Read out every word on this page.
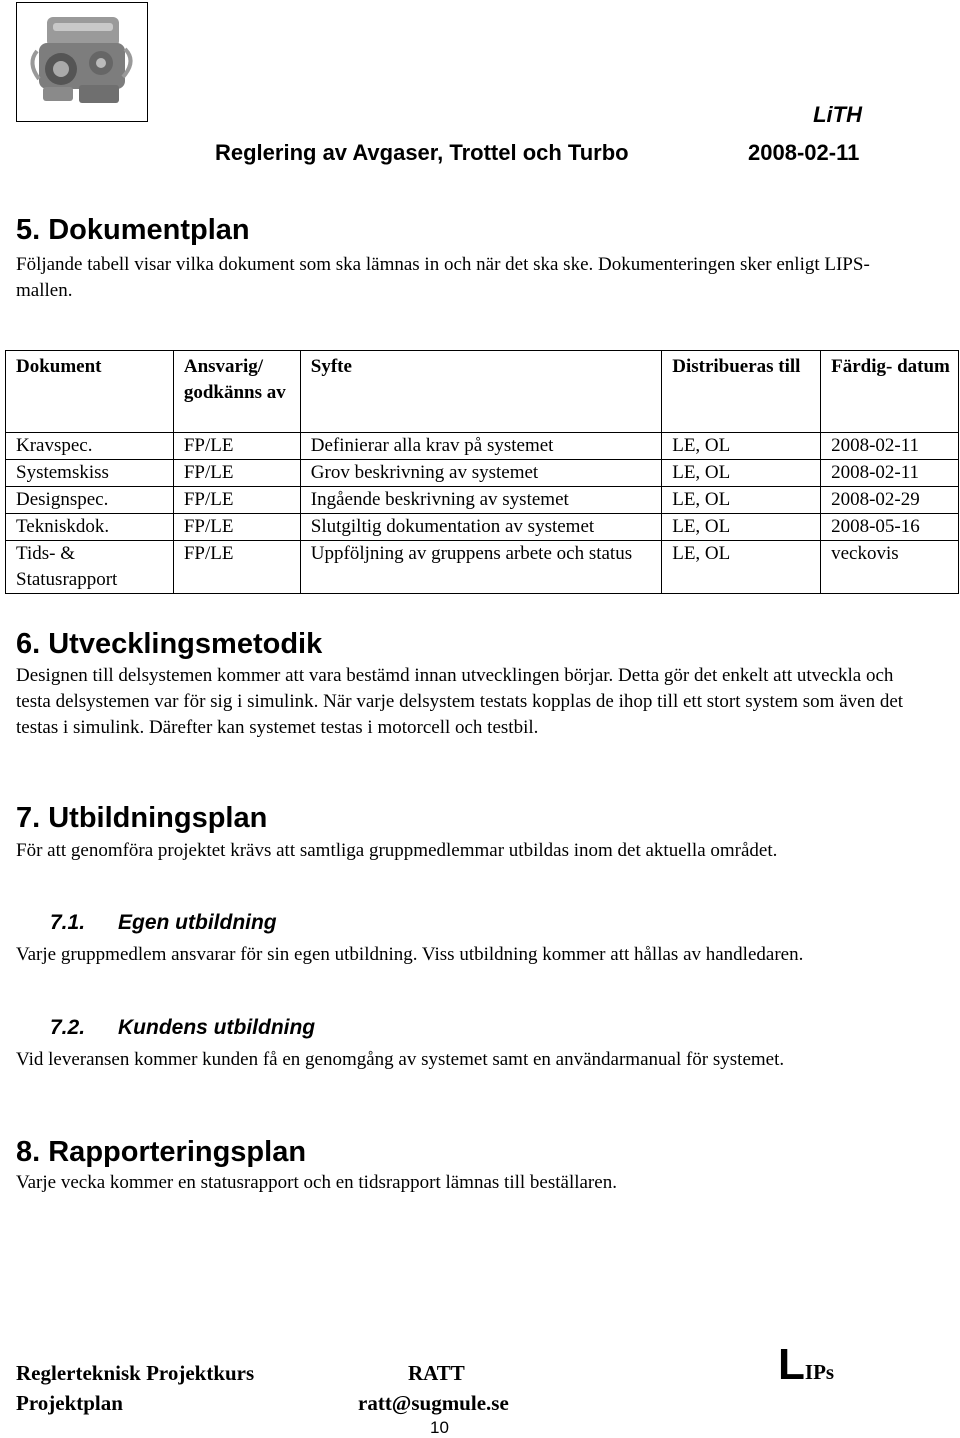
LiTH
Reglering av Avgaser, Trottel och Turbo	2008-02-11
5. Dokumentplan

Följande tabell visar vilka dokument som ska lämnas in och när det ska ske. Dokumenteringen sker enligt LIPS-mallen.

Dokument	Ansvarig/ godkänns av	Syfte	Distribueras till	Färdig- datum
Kravspec.	FP/LE	Definierar alla krav på systemet	LE, OL	2008-02-11
Systemskiss	FP/LE	Grov beskrivning av systemet	LE, OL	2008-02-11
Designspec.	FP/LE	Ingående beskrivning av systemet	LE, OL	2008-02-29
Tekniskdok.	FP/LE	Slutgiltig dokumentation av systemet	LE, OL	2008-05-16
Tids- & Statusrapport	FP/LE	Uppföljning av gruppens arbete och status	LE, OL	veckovis
6. Utvecklingsmetodik

Designen till delsystemen kommer att vara bestämd innan utvecklingen börjar. Detta gör det enkelt att utveckla och testa delsystemen var för sig i simulink. När varje delsystem testats kopplas de ihop till ett stort system som även det testas i simulink. Därefter kan systemet testas i motorcell och testbil.

7. Utbildningsplan

För att genomföra projektet krävs att samtliga gruppmedlemmar utbildas inom det aktuella området.

7.1. Egen utbildning

Varje gruppmedlem ansvarar för sin egen utbildning. Viss utbildning kommer att hållas av handledaren.

7.2. Kundens utbildning

Vid leveransen kommer kunden få en genomgång av systemet samt en användarmanual för systemet.

8. Rapporteringsplan

Varje vecka kommer en statusrapport och en tidsrapport lämnas till beställaren.

Reglerteknisk Projektkurs
Projektplan
RATT
ratt@sugmule.se
LIPs
10
